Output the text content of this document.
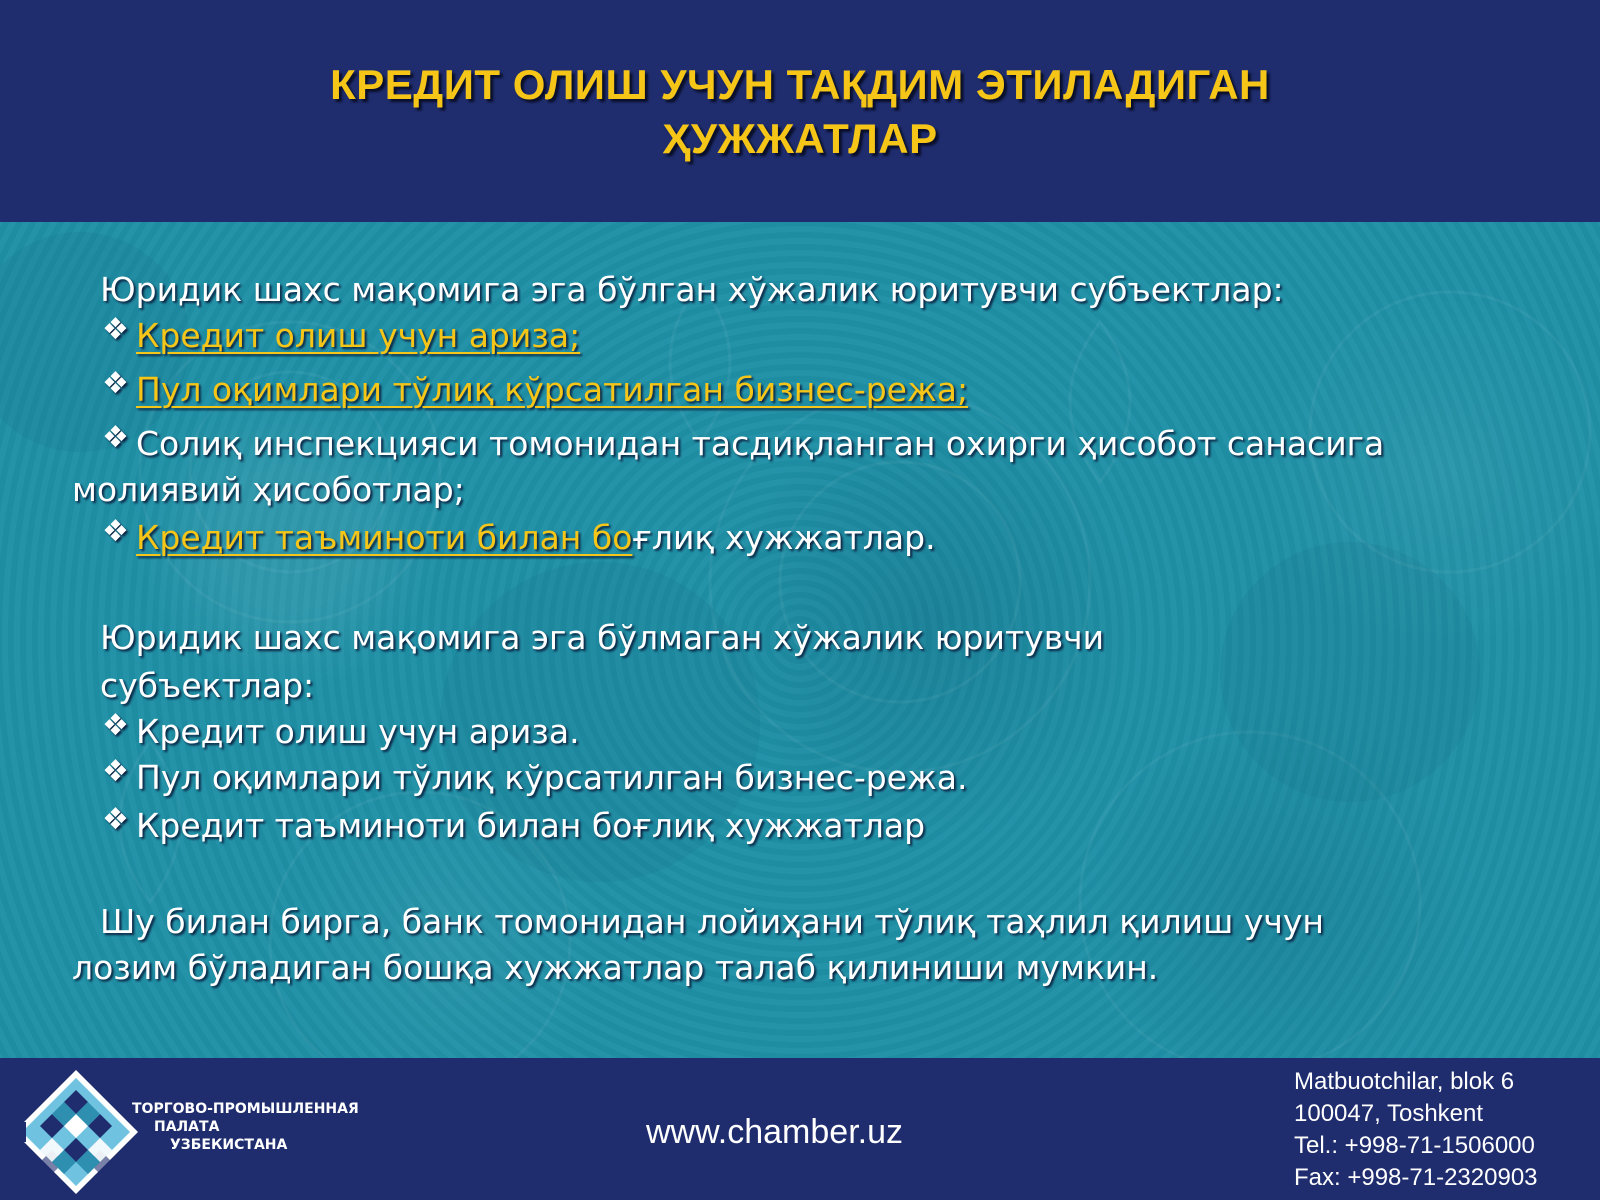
КРЕДИТ ОЛИШ УЧУН ТАҚДИМ ЭТИЛАДИГАН
ҲУЖЖАТЛАР
Юридик шахс мақомига эга бўлган хўжалик юритувчи субъектлар:
❖ Кредит олиш учун ариза;
❖ Пул оқимлари тўлиқ кўрсатилган бизнес-режа;
❖ Солиқ инспекцияси томонидан тасдиқланган охирги ҳисобот санасига
молиявий ҳисоботлар;
❖ Кредит таъминоти билан боғлиқ хужжатлар.
Юридик шахс мақомига эга бўлмаган хўжалик юритувчи
субъектлар:
❖ Кредит олиш учун ариза.
❖ Пул оқимлари тўлиқ кўрсатилган бизнес-режа.
❖ Кредит таъминоти билан боғлиқ хужжатлар
Шу билан бирга, банк томонидан лойиҳани тўлиқ таҳлил қилиш учун
лозим бўладиган бошқа хужжатлар талаб қилиниши мумкин.
ТОРГОВО-ПРОМЫШЛЕННАЯ
ПАЛАТА
УЗБЕКИСТАНА	www.chamber.uz
Matbuotchilar, blok 6
100047, Toshkent
Tel.: +998-71-1506000
Fax: +998-71-2320903
